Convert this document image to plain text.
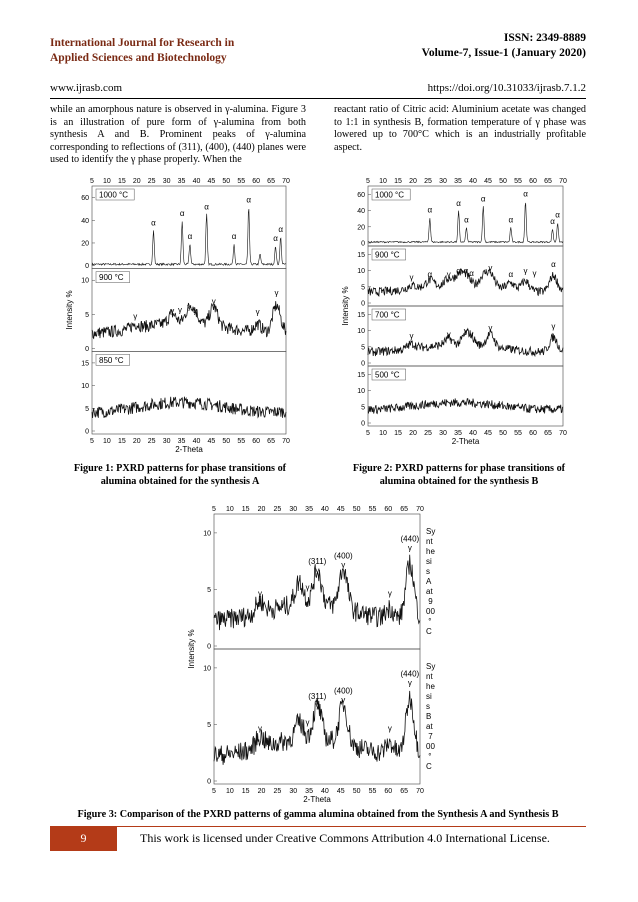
International Journal for Research in
Applied Sciences and Biotechnology
ISSN: 2349-8889
Volume-7, Issue-1 (January 2020)
www.ijrasb.com	https://doi.org/10.31033/ijrasb.7.1.2
while an amorphous nature is observed in γ-alumina. Figure 3 is an illustration of pure form of γ-alumina from both synthesis A and B. Prominent peaks of γ-alumina corresponding to reflections of (311), (400), (440) planes were used to identify the γ phase properly. When the
reactant ratio of Citric acid: Aluminium acetate was changed to 1:1 in synthesis B, formation temperature of γ phase was lowered up to 700°C which is an industrially profitable aspect.
5
5
10
10
15
15
20
20
25
25
30
30
35
35
40
40
45
45
50
50
55
55
60
60
65
65
70
70
2-Theta
Intensity %
0
20
40
60 1000 °C
α
α
α
α
α
α
α
α
0
5
10 900 °C
γ
γ γ γ γ
γ
γ
γ
0
5
10
15 850 °C
5
5
10
10
15
15
20
20
25
25
30
30
35
35
40
40
45
45
50
50
55
55
60
60
65
65
70
70
2-Theta
Intensity %
0
20
40
60 1000 °C
α
α
α
α
α
α
α
α
0
5
10
15 900 °C
γ α γ α α α
γ
α γ γ
α
0
5
10
15 700 °C
γ	γ γ γ
γ	γ
0
5
10
15 500 °C
5
5
10
10
15
15
20
20
25
25
30
30
35
35
40
40
45
45
50
50
55
55
60
60
65
65
70
70
2-Theta
Intensity % 0
5
10	Sy nt he si s A at 9 00 ° C
γ
γ
(311)
γ
(400)
γ
γ
(440)
γ
0
5
10	Sy nt he si s B at 7 00 ° C
γ
γ
(311)
γ
(400)
γ
γ
(440)
γ
Figure 1: PXRD patterns for phase transitions of alumina obtained for the synthesis A
Figure 2: PXRD patterns for phase transitions of alumina obtained for the synthesis B
Figure 3: Comparison of the PXRD patterns of gamma alumina obtained from the Synthesis A and Synthesis B
9	This work is licensed under Creative Commons Attribution 4.0 International License.
